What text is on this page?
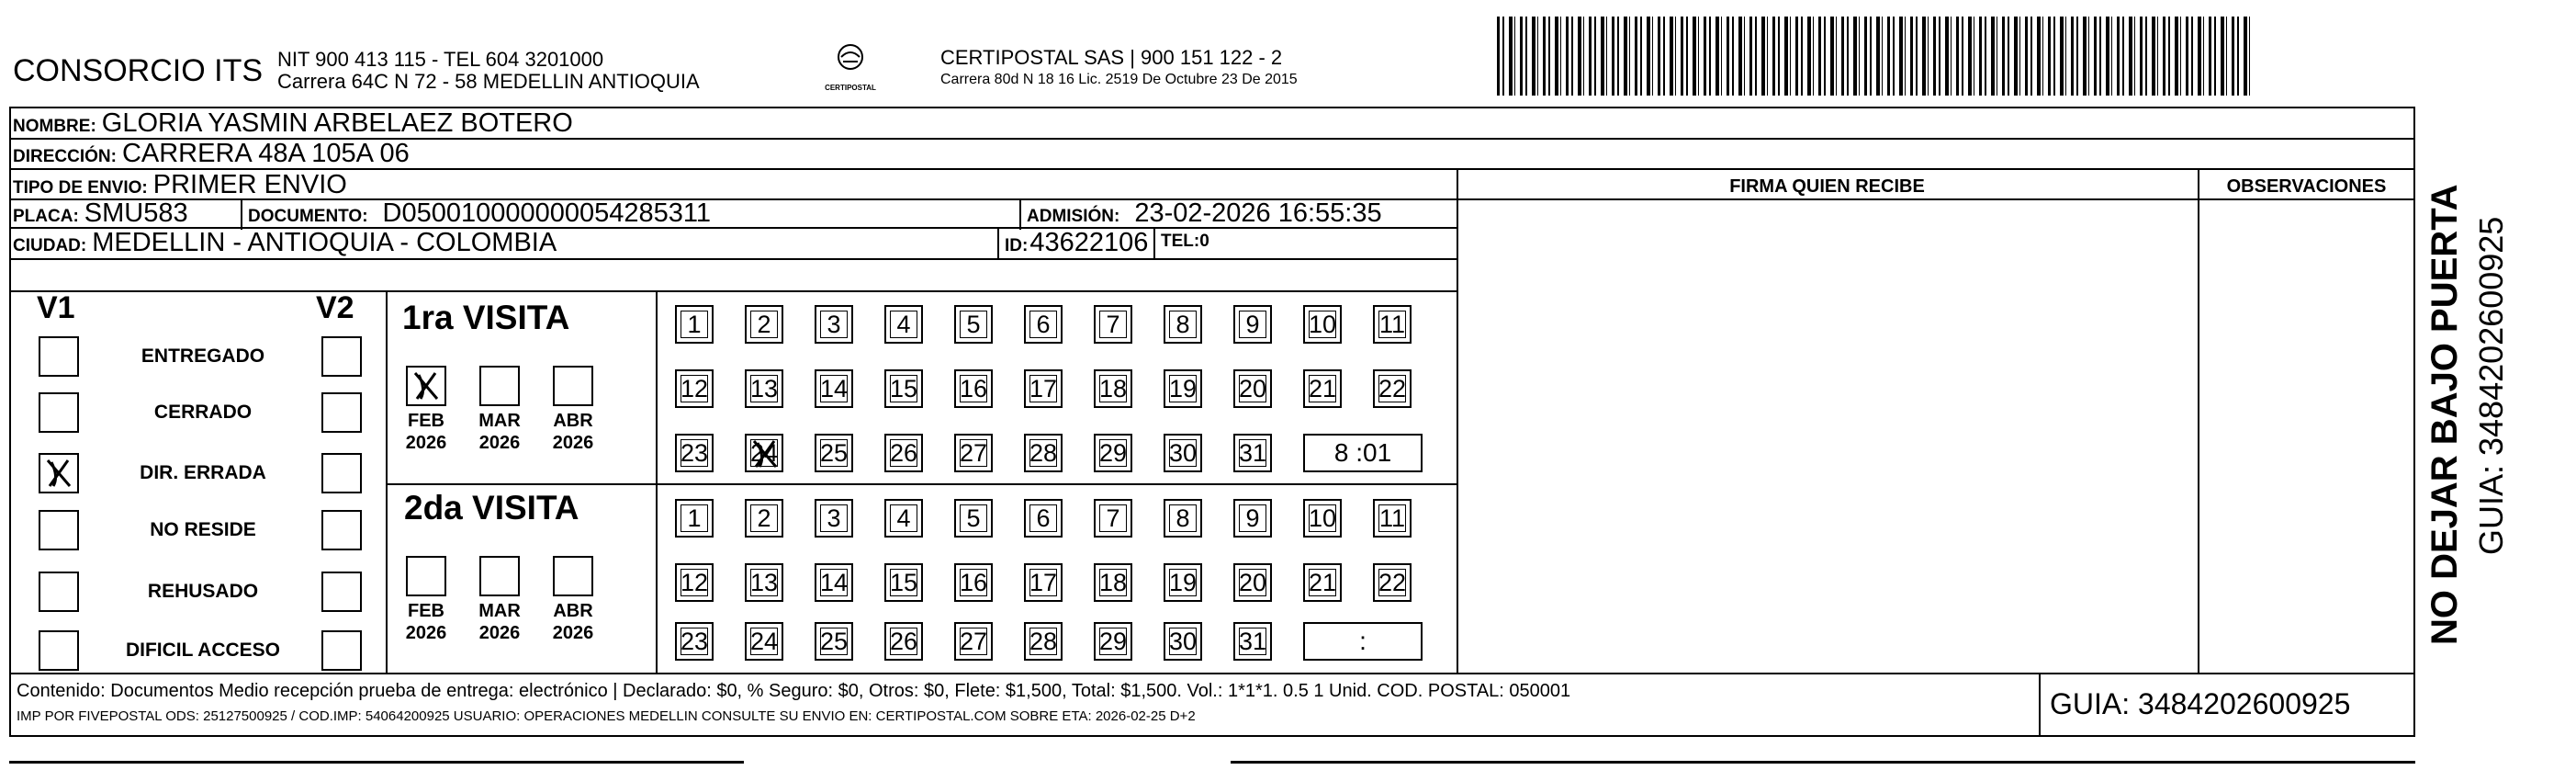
CONSORCIO ITS NIT 900 413 115 - TEL 604 3201000
Carrera 64C N 72 - 58 MEDELLIN ANTIOQUIA	CERTIPOSTAL
CERTIPOSTAL SAS | 900 151 122 - 2
Carrera 80d N 18 16 Lic. 2519 De Octubre 23 De 2015
NOMBRE: GLORIA YASMIN ARBELAEZ BOTERO
DIRECCIÓN: CARRERA 48A 105A 06
TIPO DE ENVIO: PRIMER ENVIO	FIRMA QUIEN RECIBE	OBSERVACIONES
PLACA: SMU583	DOCUMENTO: D050010000000054285311	ADMISIÓN: 23-02-2026 16:55:35
CIUDAD: MEDELLIN - ANTIOQUIA - COLOMBIA	ID: 43622106 TEL: 0
V1	V2
ENTREGADO
CERRADO
DIR. ERRADA
NO RESIDE
REHUSADO
DIFICIL ACCESO
1ra VISITA
2da VISITA
FEB
2026
MAR
2026
ABR
2026
FEB
2026
MAR
2026
ABR
2026
1	2	3	4	5	6	7	8	9	10 11
12 13 14 15 16 17 18 19 20 21 22
23 24 25 26 27 28 29 30 31	8 :01
1	2	3	4	5	6	7	8	9	10 11
12 13 14 15 16 17 18 19 20 21 22
23 24 25 26 27 28 29 30 31	:
Contenido: Documentos Medio recepción prueba de entrega: electrónico | Declarado: $0, % Seguro: $0, Otros: $0, Flete: $1,500, Total: $1,500. Vol.: 1*1*1. 0.5 1 Unid. COD. POSTAL: 050001
IMP POR FIVEPOSTAL ODS: 25127500925 / COD.IMP: 54064200925 USUARIO: OPERACIONES MEDELLIN CONSULTE SU ENVIO EN: CERTIPOSTAL.COM SOBRE ETA: 2026-02-25 D+2	GUIA: 3484202600925
NO DEJAR BAJO PUERTA GUIA: 3484202600925
